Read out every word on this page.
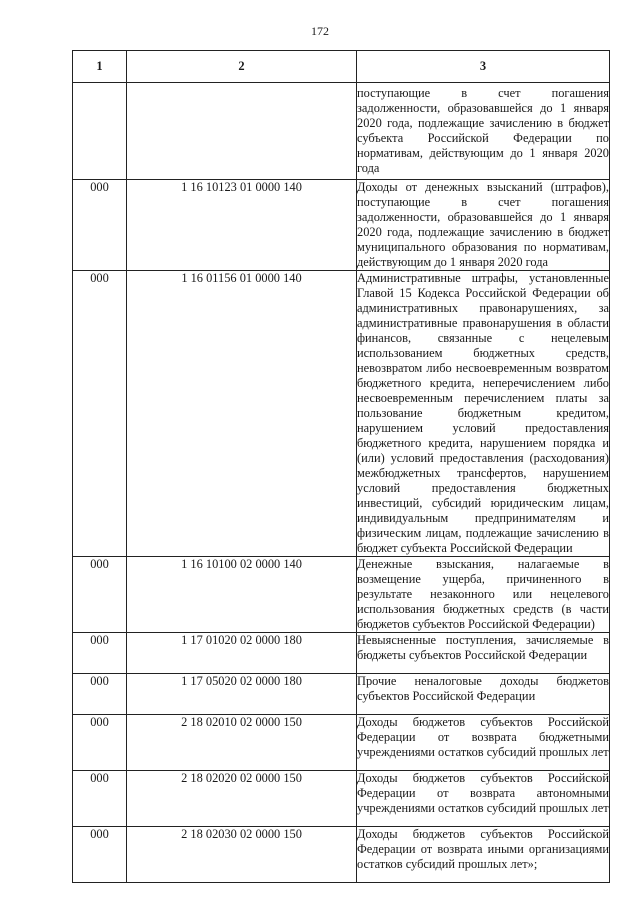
172
1	2	3
		поступающие в счет погашения задолженности, образовавшейся до 1 января 2020 года, подлежащие зачислению в бюджет субъекта Российской Федерации по нормативам, действующим до 1 января 2020 года
000	1 16 10123 01 0000 140	Доходы от денежных взысканий (штрафов), поступающие в счет погашения задолженности, образовавшейся до 1 января 2020 года, подлежащие зачислению в бюджет муниципального образования по нормативам, действующим до 1 января 2020 года
000	1 16 01156 01 0000 140	Административные штрафы, установленные Главой 15 Кодекса Российской Федерации об административных правонарушениях, за административные правонарушения в области финансов, связанные с нецелевым использованием бюджетных средств, невозвратом либо несвоевременным возвратом бюджетного кредита, неперечислением либо несвоевременным перечислением платы за пользование бюджетным кредитом, нарушением условий предоставления бюджетного кредита, нарушением порядка и (или) условий предоставления (расходования) межбюджетных трансфертов, нарушением условий предоставления бюджетных инвестиций, субсидий юридическим лицам, индивидуальным предпринимателям и физическим лицам, подлежащие зачислению в бюджет субъекта Российской Федерации
000	1 16 10100 02 0000 140	Денежные взыскания, налагаемые в возмещение ущерба, причиненного в результате незаконного или нецелевого использования бюджетных средств (в части бюджетов субъектов Российской Федерации)
000	1 17 01020 02 0000 180	Невыясненные поступления, зачисляемые в бюджеты субъектов Российской Федерации
000	1 17 05020 02 0000 180	Прочие неналоговые доходы бюджетов субъектов Российской Федерации
000	2 18 02010 02 0000 150	Доходы бюджетов субъектов Российской Федерации от возврата бюджетными учреждениями остатков субсидий прошлых лет
000	2 18 02020 02 0000 150	Доходы бюджетов субъектов Российской Федерации от возврата автономными учреждениями остатков субсидий прошлых лет
000	2 18 02030 02 0000 150	Доходы бюджетов субъектов Российской Федерации от возврата иными организациями остатков субсидий прошлых лет»;
